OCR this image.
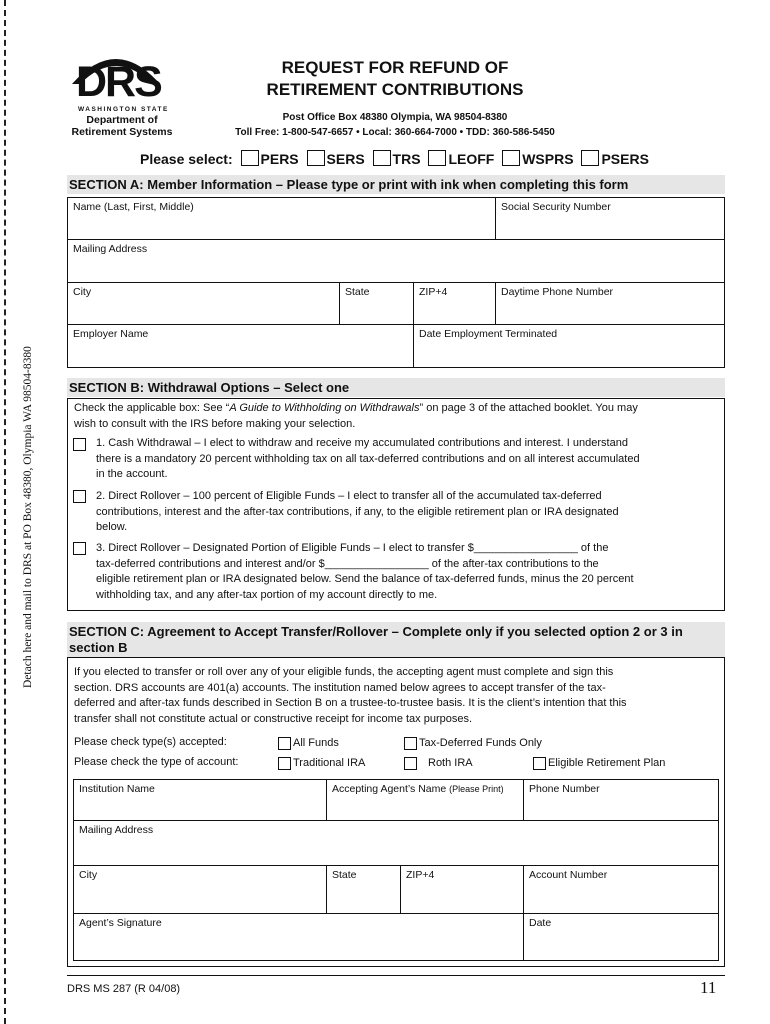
Detach here and mail to DRS at PO Box 48380, Olympia WA 98504-8380
DRS
WASHINGTON STATE
Department of
Retirement Systems
REQUEST FOR REFUND OF
RETIREMENT CONTRIBUTIONS
Post Office Box 48380 Olympia, WA 98504-8380
Toll Free: 1-800-547-6657 • Local: 360-664-7000 • TDD: 360-586-5450
Please select: PERS SERS TRS LEOFF WSPRS PSERS
SECTION A: Member Information – Please type or print with ink when completing this form
Name (Last, First, Middle)	Social Security Number
Mailing Address
City	State	ZIP+4	Daytime Phone Number
Employer Name	Date Employment Terminated
SECTION B: Withdrawal Options – Select one
Check the applicable box: See “A Guide to Withholding on Withdrawals” on page 3 of the attached booklet. You may
wish to consult with the IRS before making your selection.
1. Cash Withdrawal – I elect to withdraw and receive my accumulated contributions and interest. I understand
there is a mandatory 20 percent withholding tax on all tax-deferred contributions and on all interest accumulated
in the account.
2. Direct Rollover – 100 percent of Eligible Funds – I elect to transfer all of the accumulated tax-deferred
contributions, interest and the after-tax contributions, if any, to the eligible retirement plan or IRA designated
below.
3. Direct Rollover – Designated Portion of Eligible Funds – I elect to transfer $_________________ of the
tax-deferred contributions and interest and/or $_________________ of the after-tax contributions to the
eligible retirement plan or IRA designated below. Send the balance of tax-deferred funds, minus the 20 percent
withholding tax, and any after-tax portion of my account directly to me.
SECTION C: Agreement to Accept Transfer/Rollover – Complete only if you selected option 2 or 3 in
section B
If you elected to transfer or roll over any of your eligible funds, the accepting agent must complete and sign this
section. DRS accounts are 401(a) accounts. The institution named below agrees to accept transfer of the tax-
deferred and after-tax funds described in Section B on a trustee-to-trustee basis. It is the client’s intention that this
transfer shall not constitute actual or constructive receipt for income tax purposes.
Please check type(s) accepted:	All Funds	Tax-Deferred Funds Only
Please check the type of account:	Traditional IRA	Roth IRA	Eligible Retirement Plan
Institution Name	Accepting Agent’s Name (Please Print)	Phone Number
Mailing Address
City	State	ZIP+4	Account Number
Agent’s Signature	Date
DRS MS 287 (R 04/08)	11
